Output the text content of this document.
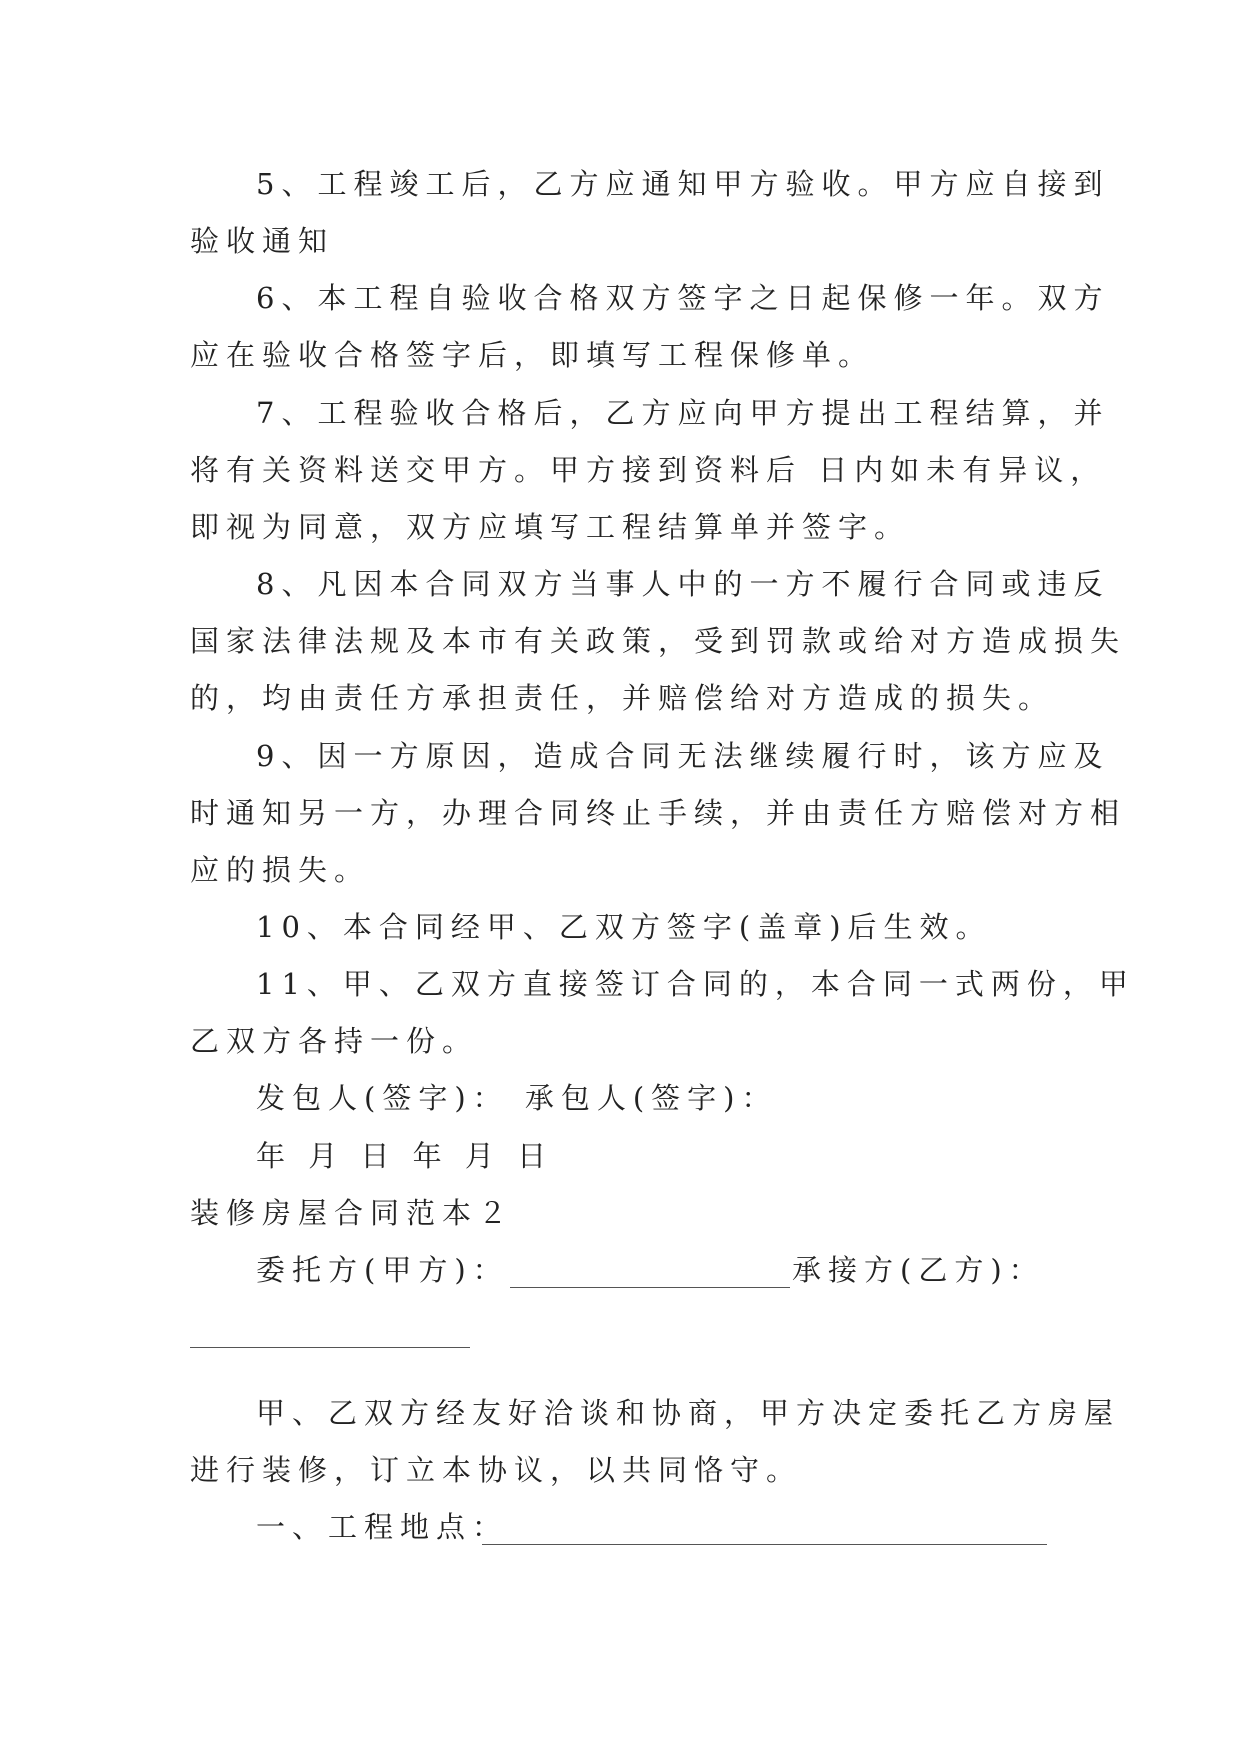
5、工程竣工后，乙方应通知甲方验收。甲方应自接到
验收通知
6、本工程自验收合格双方签字之日起保修一年。双方
应在验收合格签字后，即填写工程保修单。
7、工程验收合格后，乙方应向甲方提出工程结算，并
将有关资料送交甲方。甲方接到资料后 日内如未有异议，
即视为同意，双方应填写工程结算单并签字。
8、凡因本合同双方当事人中的一方不履行合同或违反
国家法律法规及本市有关政策，受到罚款或给对方造成损失
的，均由责任方承担责任，并赔偿给对方造成的损失。
9、因一方原因，造成合同无法继续履行时，该方应及
时通知另一方，办理合同终止手续，并由责任方赔偿对方相
应的损失。
10、本合同经甲、乙双方签字(盖章)后生效。
11、甲、乙双方直接签订合同的，本合同一式两份，甲
乙双方各持一份。
发包人(签字)： 承包人(签字)：
年 月 日 年 月 日
装修房屋合同范本２
委托方(甲方)：	承接方(乙方)：
甲、乙双方经友好洽谈和协商，甲方决定委托乙方房屋
进行装修，订立本协议，以共同恪守。
一、工程地点：
